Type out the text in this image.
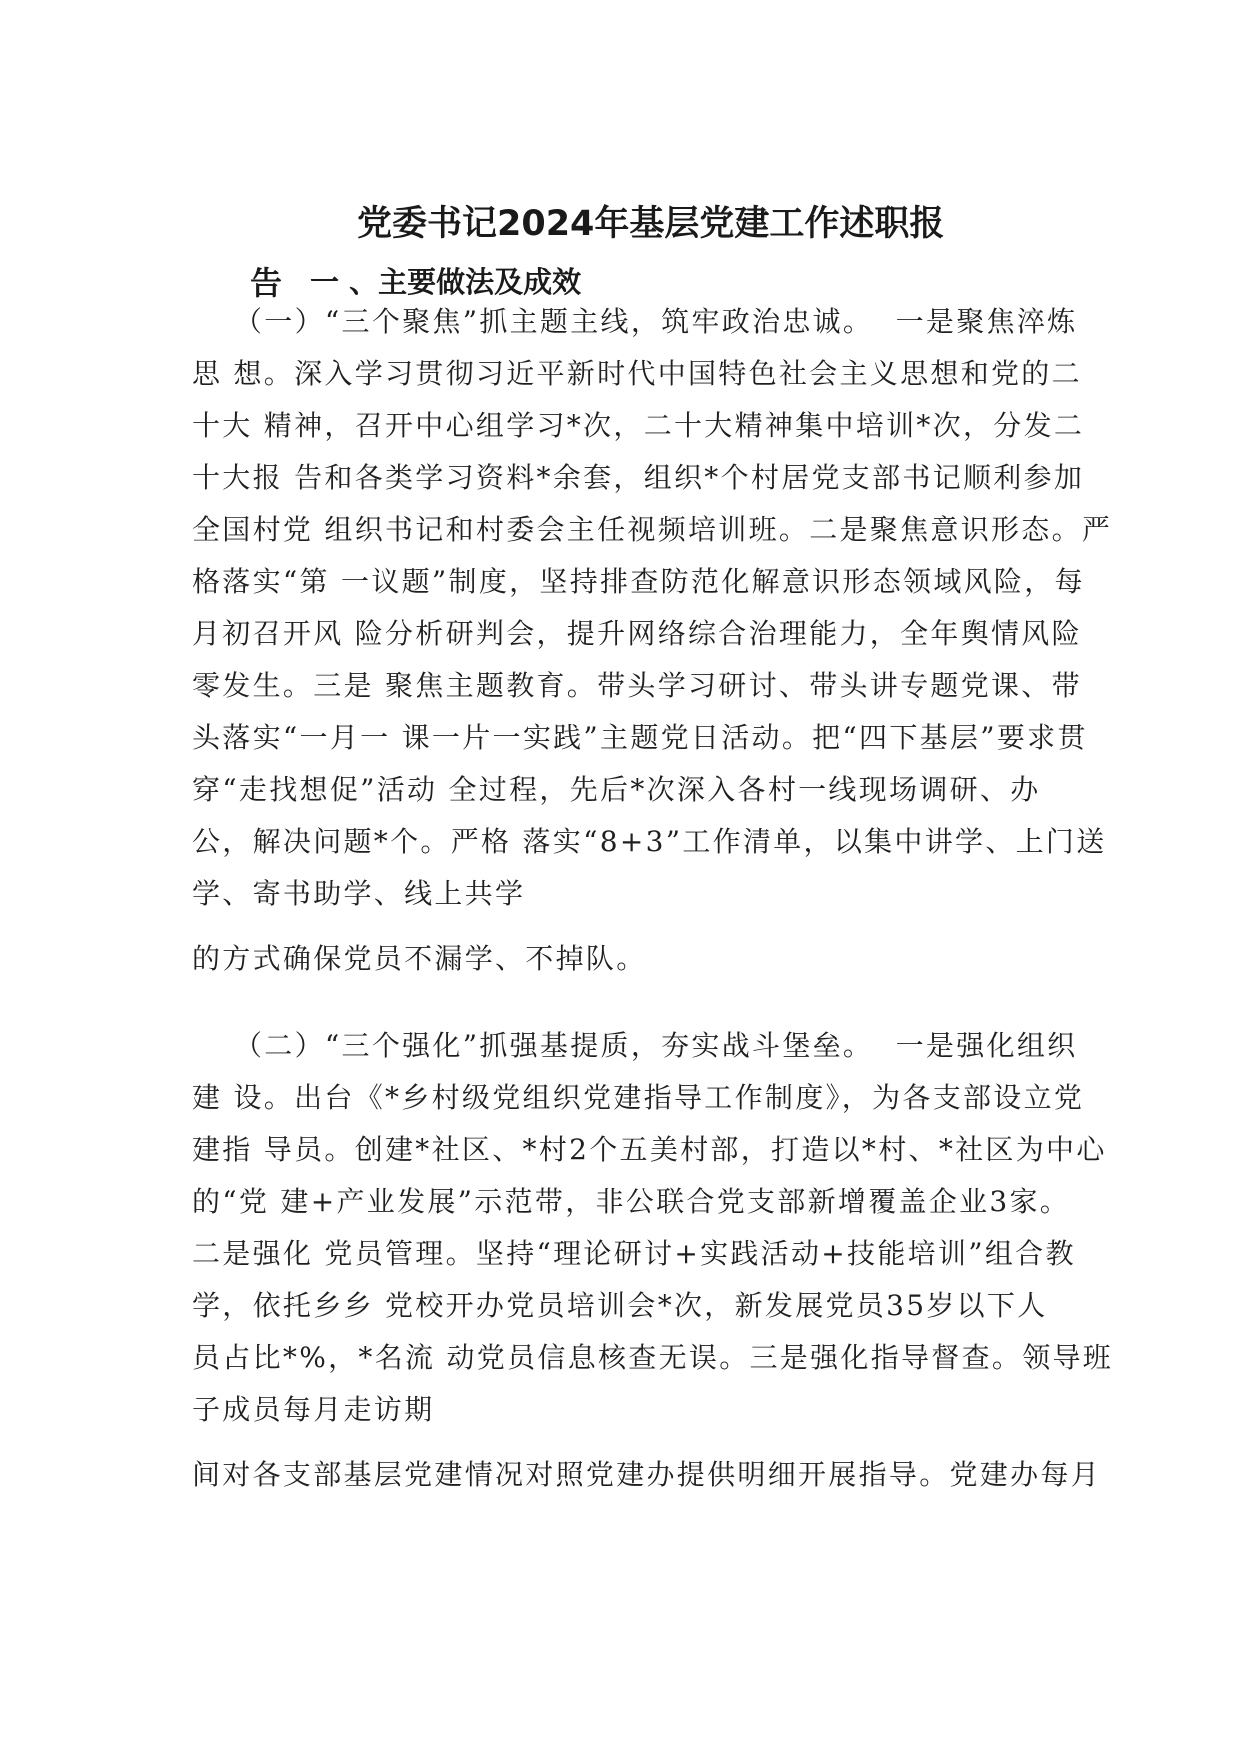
党委书记2024年基层党建工作述职报
告 一 、主要做法及成效
（一）“三个聚焦”抓主题主线，筑牢政治忠诚。  一是聚焦淬炼
思 想。深入学习贯彻习近平新时代中国特色社会主义思想和党的二
十大 精神，召开中心组学习*次，二十大精神集中培训*次，分发二
十大报 告和各类学习资料*余套，组织*个村居党支部书记顺利参加
全国村党 组织书记和村委会主任视频培训班。二是聚焦意识形态。严
格落实“第 一议题”制度，坚持排查防范化解意识形态领域风险，每
月初召开风 险分析研判会，提升网络综合治理能力，全年舆情风险
零发生。三是 聚焦主题教育。带头学习研讨、带头讲专题党课、带
头落实“一月一 课一片一实践”主题党日活动。把“四下基层”要求贯
穿“走找想促”活动 全过程，先后*次深入各村一线现场调研、办
公，解决问题*个。严格 落实“8+3”工作清单，以集中讲学、上门送
学、寄书助学、线上共学
的方式确保党员不漏学、不掉队。
（二）“三个强化”抓强基提质，夯实战斗堡垒。  一是强化组织
建 设。出台《*乡村级党组织党建指导工作制度》，为各支部设立党
建指 导员。创建*社区、*村2个五美村部，打造以*村、*社区为中心
的“党 建+产业发展”示范带，非公联合党支部新增覆盖企业3家。
二是强化 党员管理。坚持“理论研讨+实践活动+技能培训”组合教
学，依托乡乡 党校开办党员培训会*次，新发展党员35岁以下人
员占比*%，*名流 动党员信息核查无误。三是强化指导督查。领导班
子成员每月走访期
间对各支部基层党建情况对照党建办提供明细开展指导。党建办每月
